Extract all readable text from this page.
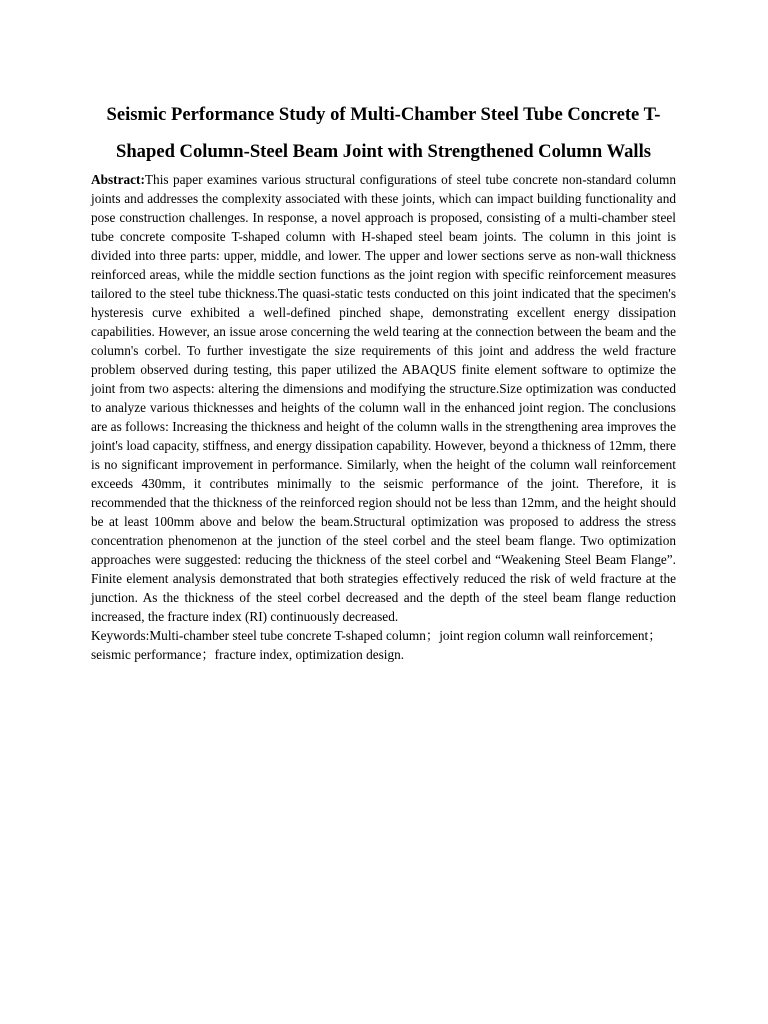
Seismic Performance Study of Multi-Chamber Steel Tube Concrete T-Shaped Column-Steel Beam Joint with Strengthened Column Walls

Abstract:This paper examines various structural configurations of steel tube concrete non-standard column joints and addresses the complexity associated with these joints, which can impact building functionality and pose construction challenges. In response, a novel approach is proposed, consisting of a multi-chamber steel tube concrete composite T-shaped column with H-shaped steel beam joints. The column in this joint is divided into three parts: upper, middle, and lower. The upper and lower sections serve as non-wall thickness reinforced areas, while the middle section functions as the joint region with specific reinforcement measures tailored to the steel tube thickness.The quasi-static tests conducted on this joint indicated that the specimen's hysteresis curve exhibited a well-defined pinched shape, demonstrating excellent energy dissipation capabilities. However, an issue arose concerning the weld tearing at the connection between the beam and the column's corbel. To further investigate the size requirements of this joint and address the weld fracture problem observed during testing, this paper utilized the ABAQUS finite element software to optimize the joint from two aspects: altering the dimensions and modifying the structure.Size optimization was conducted to analyze various thicknesses and heights of the column wall in the enhanced joint region. The conclusions are as follows: Increasing the thickness and height of the column walls in the strengthening area improves the joint's load capacity, stiffness, and energy dissipation capability. However, beyond a thickness of 12mm, there is no significant improvement in performance. Similarly, when the height of the column wall reinforcement exceeds 430mm, it contributes minimally to the seismic performance of the joint. Therefore, it is recommended that the thickness of the reinforced region should not be less than 12mm, and the height should be at least 100mm above and below the beam.Structural optimization was proposed to address the stress concentration phenomenon at the junction of the steel corbel and the steel beam flange. Two optimization approaches were suggested: reducing the thickness of the steel corbel and “Weakening Steel Beam Flange”. Finite element analysis demonstrated that both strategies effectively reduced the risk of weld fracture at the junction. As the thickness of the steel corbel decreased and the depth of the steel beam flange reduction increased, the fracture index (RI) continuously decreased.

Keywords:Multi-chamber steel tube concrete T-shaped column；joint region column wall reinforcement；seismic performance；fracture index, optimization design.
